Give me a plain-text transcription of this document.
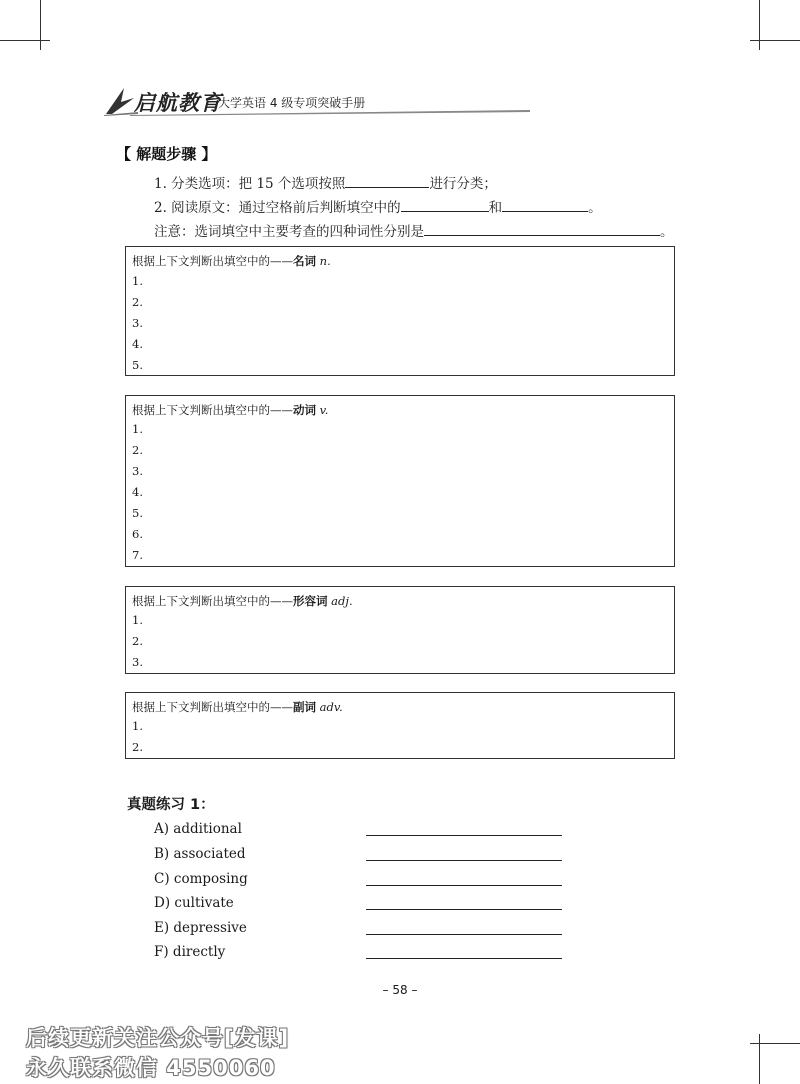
启航教育
大学英语 4 级专项突破手册
【 解题步骤 】
1. 分类选项：把 15 个选项按照	进行分类；
2. 阅读原文：通过空格前后判断填空中的	和	。
注意：选词填空中主要考查的四种词性分别是	。
根据上下文判断出填空中的——名词 n.
1.
2.
3.
4.
5.
根据上下文判断出填空中的——动词 v.
1.
2.
3.
4.
5.
6.
7.
根据上下文判断出填空中的——形容词 adj.
1.
2.
3.
根据上下文判断出填空中的——副词 adv.
1.
2.
真题练习 1：
A) additional
B) associated
C) composing
D) cultivate
E) depressive
F) directly
– 58 –
后续更新关注公众号[发课]
永久联系微信 4550060
